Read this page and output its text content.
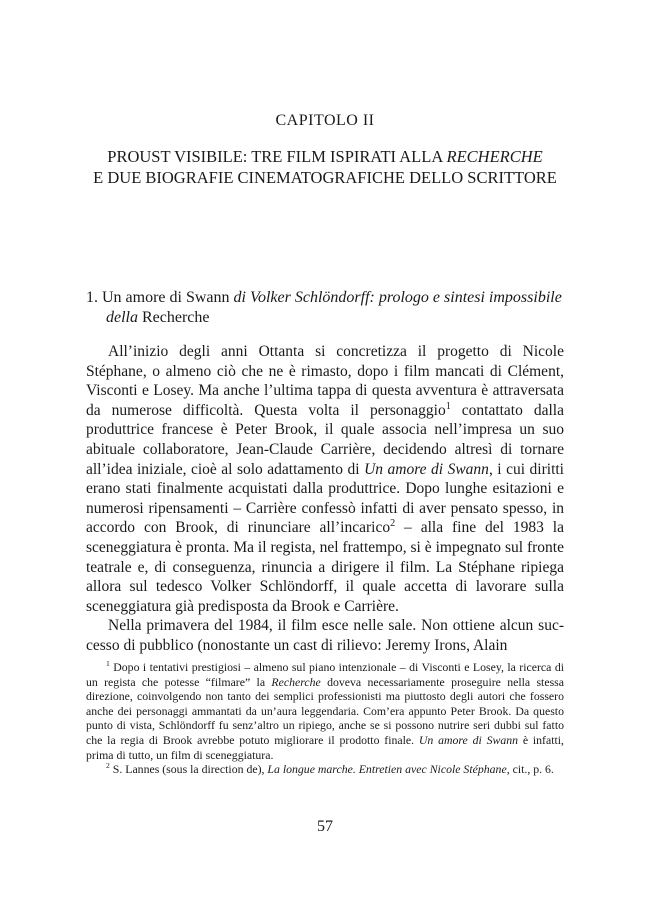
CAPITOLO II
PROUST VISIBILE: TRE FILM ISPIRATI ALLA RECHERCHE
E DUE BIOGRAFIE CINEMATOGRAFICHE DELLO SCRITTORE
1. Un amore di Swann di Volker Schlöndorff: prologo e sintesi impossibile della Recherche

All’inizio degli anni Ottanta si concretizza il progetto di Nicole Stéphane, o almeno ciò che ne è rimasto, dopo i film mancati di Clément, Visconti e Losey. Ma anche l’ultima tappa di questa avventura è attraversata da numerose difficoltà. Questa volta il personaggio$^1$ contattato dalla produttrice francese è Peter Brook, il quale associa nell’impresa un suo abituale collaboratore, Jean-Claude Carrière, decidendo altresì di tornare all’idea iniziale, cioè al solo adattamento di Un amore di Swann, i cui diritti erano stati finalmente acquistati dalla produttrice. Dopo lunghe esitazioni e numerosi ripensamenti – Carrière confessò infatti di aver pensato spesso, in accordo con Brook, di rinunciare all’incarico$^2$ – alla fine del 1983 la sceneggiatura è pronta. Ma il regista, nel frattempo, si è impegnato sul fronte teatrale e, di conseguenza, rinuncia a dirigere il film. La Stéphane ripiega allora sul tedesco Volker Schlöndorff, il quale accetta di lavorare sulla sceneggiatura già predisposta da Brook e Carrière.

Nella primavera del 1984, il film esce nelle sale. Non ottiene alcun successo di pubblico (nonostante un cast di rilievo: Jeremy Irons, Alain

$^1$ Dopo i tentativi prestigiosi – almeno sul piano intenzionale – di Visconti e Losey, la ricerca di un regista che potesse “filmare” la Recherche doveva necessariamente proseguire nella stessa direzione, coinvolgendo non tanto dei semplici professionisti ma piuttosto degli autori che fossero anche dei personaggi ammantati da un’aura leggendaria. Com’era appunto Peter Brook. Da questo punto di vista, Schlöndorff fu senz’altro un ripiego, anche se si possono nutrire seri dubbi sul fatto che la regia di Brook avrebbe potuto migliorare il prodotto finale. Un amore di Swann è infatti, prima di tutto, un film di sceneggiatura.

$^2$ S. Lannes (sous la direction de), La longue marche. Entretien avec Nicole Stéphane, cit., p. 6.

57
